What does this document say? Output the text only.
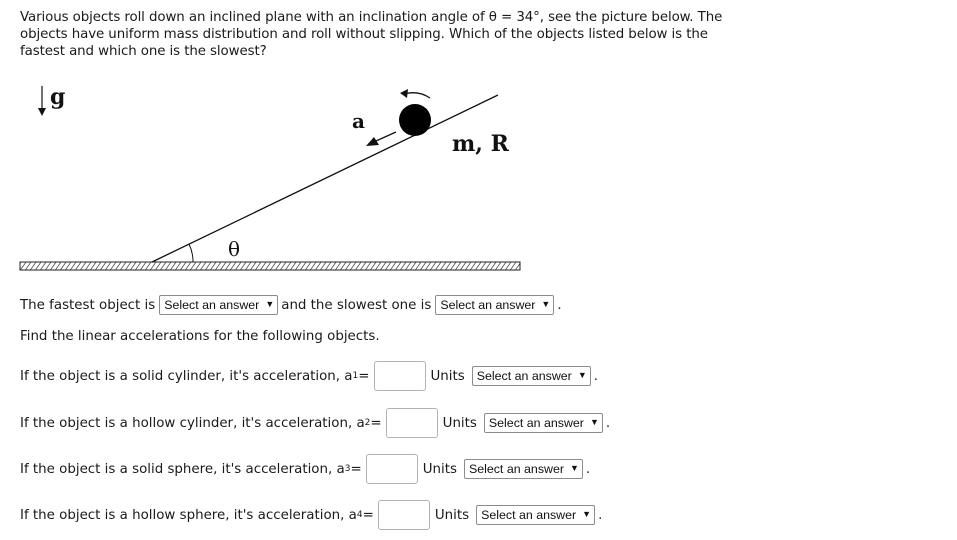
Various objects roll down an inclined plane with an inclination angle of θ = 34°, see the picture below. The objects have uniform mass distribution and roll without slipping. Which of the objects listed below is the fastest and which one is the slowest?
θ
g
a
m, R
The fastest object is Select an answer ▼ and the slowest one is Select an answer ▼ .
Find the linear accelerations for the following objects.
If the object is a solid cylinder, it's acceleration, a 1 =	Units Select an answer ▼ .
If the object is a hollow cylinder, it's acceleration, a 2 =	Units Select an answer ▼ .
If the object is a solid sphere, it's acceleration, a 3 =	Units Select an answer ▼ .
If the object is a hollow sphere, it's acceleration, a 4 =	Units Select an answer ▼ .
